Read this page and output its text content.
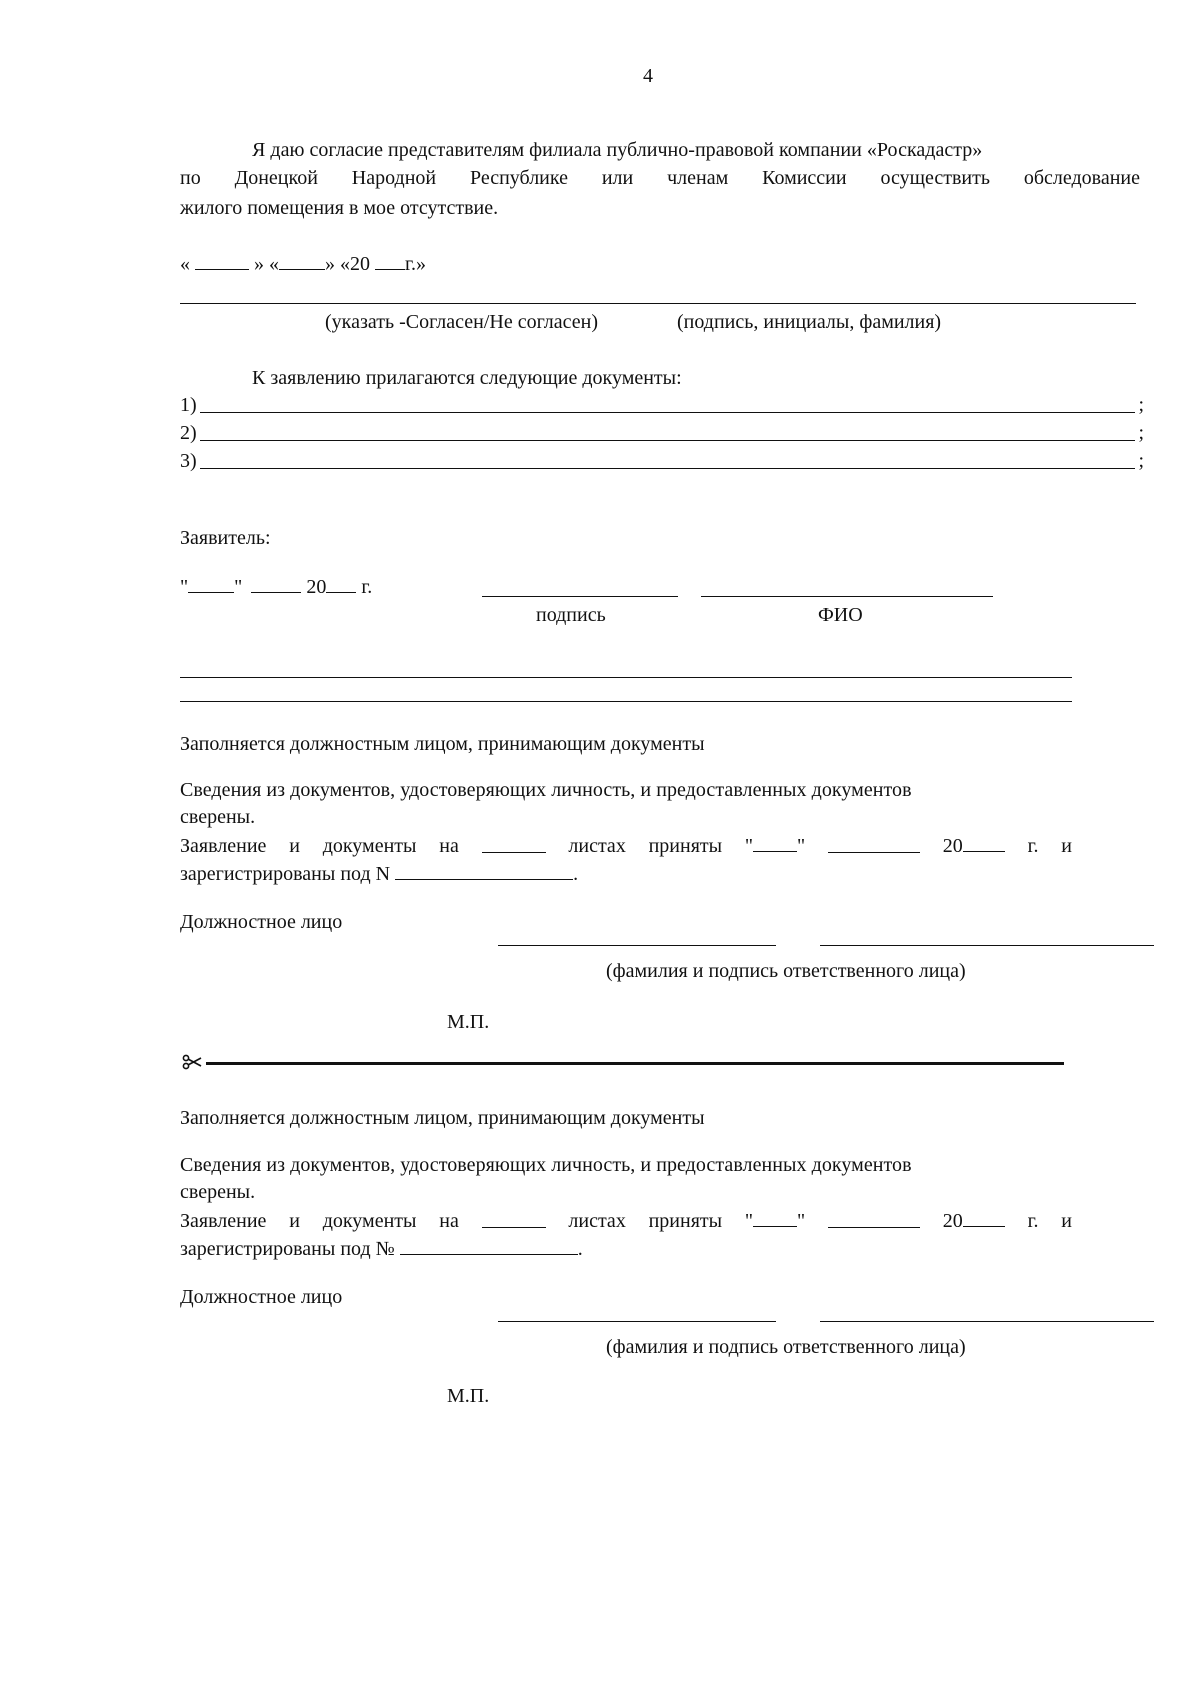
4
Я даю согласие представителям филиала публично-правовой компании «Роскадастр»
по Донецкой Народной Республике или членам Комиссии осуществить обследование
жилого помещения в мое отсутствие.
«	» « » «20 г.»
(указать -Согласен/Не согласен)	(подпись, инициалы, фамилия)
К заявлению прилагаются следующие документы:
1)	;
2)	;
3)	;
Заявитель:
" "	20 г.
подпись	ФИО
Заполняется должностным лицом, принимающим документы
Сведения из документов, удостоверяющих личность, и предоставленных документов
сверены.
Заявление и документы на	листах приняты " "	20	г. и
зарегистрированы под N	.
Должностное лицо
(фамилия и подпись ответственного лица)
М.П.
Заполняется должностным лицом, принимающим документы
Сведения из документов, удостоверяющих личность, и предоставленных документов
сверены.
Заявление и документы на	листах приняты " "	20	г. и
зарегистрированы под №	.
Должностное лицо
(фамилия и подпись ответственного лица)
М.П.
